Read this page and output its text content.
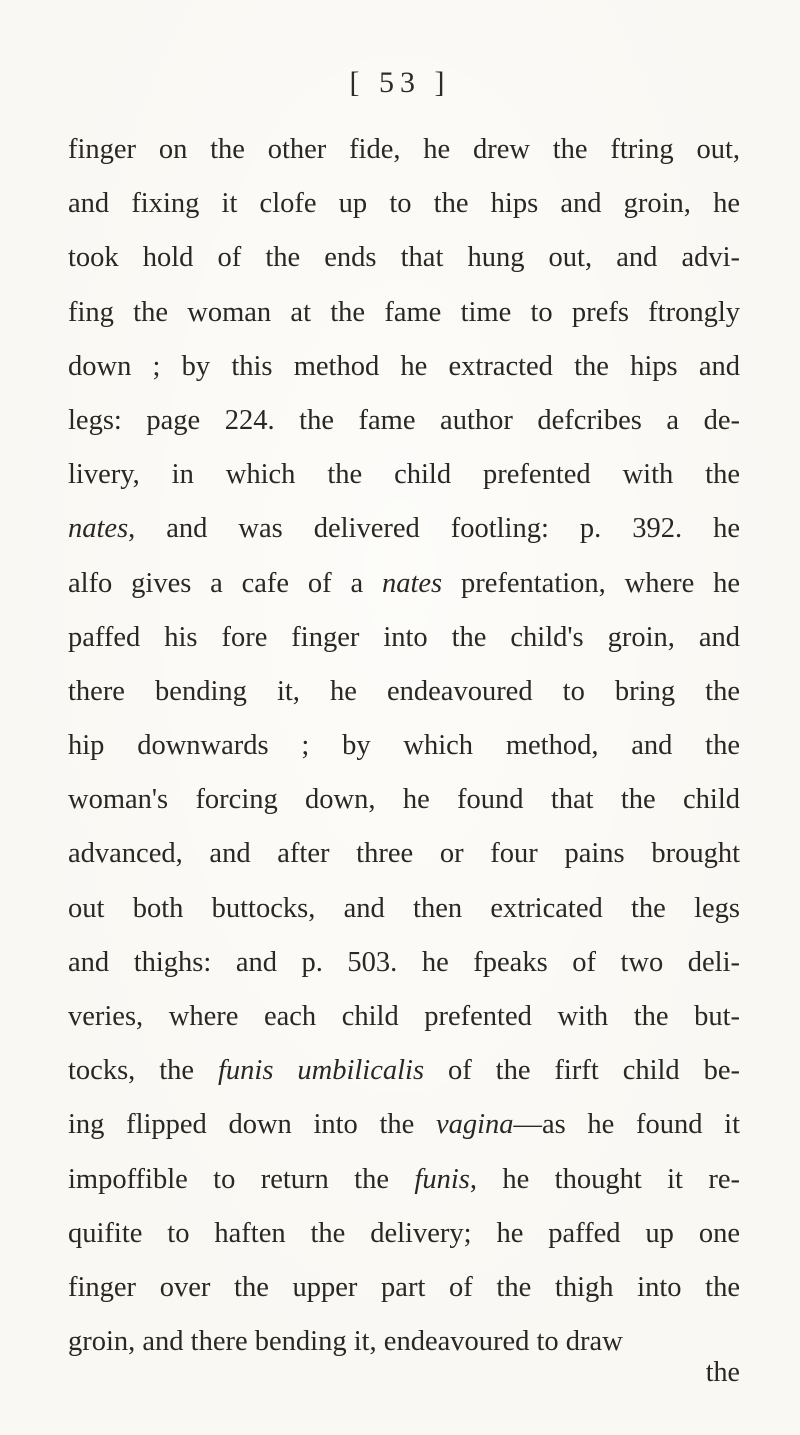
[ 53 ]
finger on the other fide, he drew the ftring out,
and fixing it clofe up to the hips and groin, he
took hold of the ends that hung out, and advi-
fing the woman at the fame time to prefs ftrongly
down ; by this method he extracted the hips and
legs: page 224. the fame author defcribes a de-
livery, in which the child prefented with the
nates, and was delivered footling: p. 392. he
alfo gives a cafe of a nates prefentation, where he
paffed his fore finger into the child's groin, and
there bending it, he endeavoured to bring the
hip downwards ; by which method, and the
woman's forcing down, he found that the child
advanced, and after three or four pains brought
out both buttocks, and then extricated the legs
and thighs: and p. 503. he fpeaks of two deli-
veries, where each child prefented with the but-
tocks, the funis umbilicalis of the firft child be-
ing flipped down into the vagina—as he found it
impoffible to return the funis, he thought it re-
quifite to haften the delivery; he paffed up one
finger over the upper part of the thigh into the
groin, and there bending it, endeavoured to draw
the
